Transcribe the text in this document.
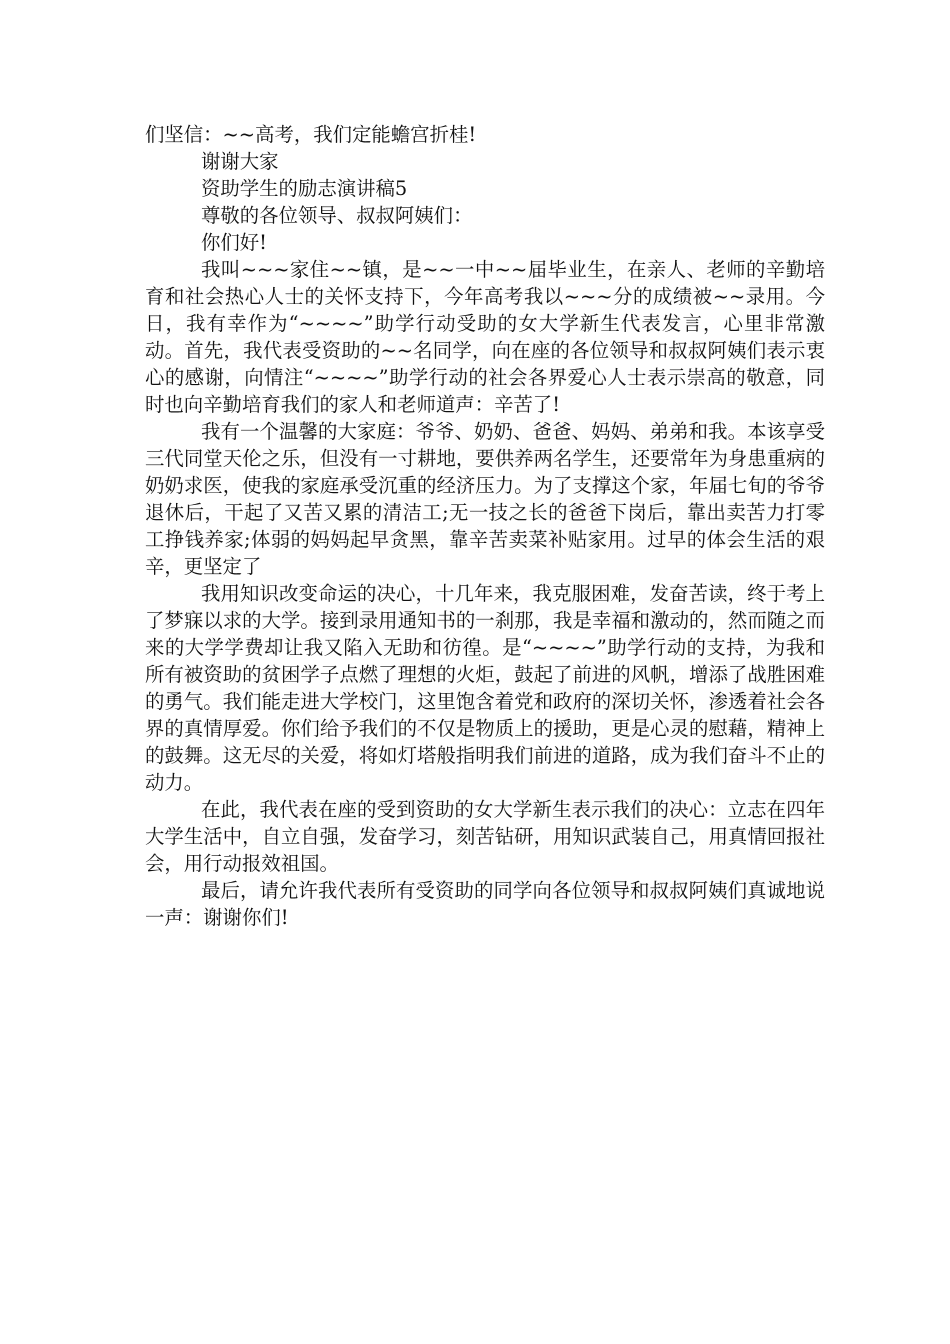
们坚信：~~高考，我们定能蟾宫折桂!

谢谢大家

资助学生的励志演讲稿5

尊敬的各位领导、叔叔阿姨们：

你们好!

我叫~~~家住~~镇，是~~一中~~届毕业生，在亲人、老师的辛勤培育和社会热心人士的关怀支持下，今年高考我以~~~分的成绩被~~录用。今日，我有幸作为“~~~~”助学行动受助的女大学新生代表发言，心里非常激动。首先，我代表受资助的~~名同学，向在座的各位领导和叔叔阿姨们表示衷心的感谢，向情注“~~~~”助学行动的社会各界爱心人士表示崇高的敬意，同时也向辛勤培育我们的家人和老师道声：辛苦了!

我有一个温馨的大家庭：爷爷、奶奶、爸爸、妈妈、弟弟和我。本该享受三代同堂天伦之乐，但没有一寸耕地，要供养两名学生，还要常年为身患重病的奶奶求医，使我的家庭承受沉重的经济压力。为了支撑这个家，年届七旬的爷爷退休后，干起了又苦又累的清洁工;无一技之长的爸爸下岗后，靠出卖苦力打零工挣钱养家;体弱的妈妈起早贪黑，靠辛苦卖菜补贴家用。过早的体会生活的艰辛，更坚定了

我用知识改变命运的决心，十几年来，我克服困难，发奋苦读，终于考上了梦寐以求的大学。接到录用通知书的一刹那，我是幸福和激动的，然而随之而来的大学学费却让我又陷入无助和彷徨。是“~~~~”助学行动的支持，为我和所有被资助的贫困学子点燃了理想的火炬，鼓起了前进的风帆，增添了战胜困难的勇气。我们能走进大学校门，这里饱含着党和政府的深切关怀，渗透着社会各界的真情厚爱。你们给予我们的不仅是物质上的援助，更是心灵的慰藉，精神上的鼓舞。这无尽的关爱，将如灯塔般指明我们前进的道路，成为我们奋斗不止的动力。

在此，我代表在座的受到资助的女大学新生表示我们的决心：立志在四年大学生活中，自立自强，发奋学习，刻苦钻研，用知识武装自己，用真情回报社会，用行动报效祖国。

最后，请允许我代表所有受资助的同学向各位领导和叔叔阿姨们真诚地说一声：谢谢你们!
